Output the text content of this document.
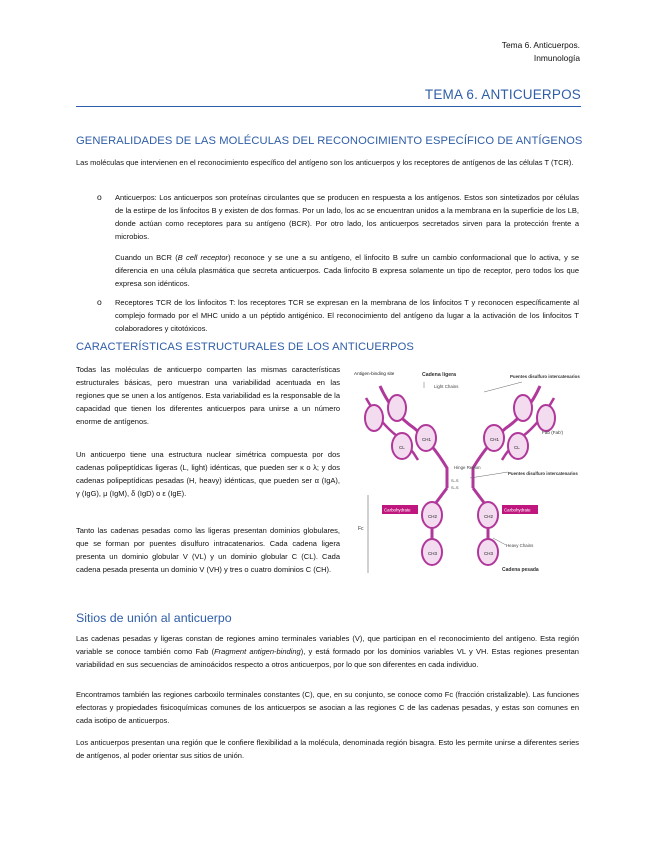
Tema 6. Anticuerpos.
Inmunología
TEMA 6. ANTICUERPOS
GENERALIDADES DE LAS MOLÉCULAS DEL RECONOCIMIENTO ESPECÍFICO DE ANTÍGENOS

Las moléculas que intervienen en el reconocimiento específico del antígeno son los anticuerpos y los receptores de antígenos de las células T (TCR).

o Anticuerpos: Los anticuerpos son proteínas circulantes que se producen en respuesta a los antígenos. Estos son sintetizados por células de la estirpe de los linfocitos B y existen de dos formas. Por un lado, los ac se encuentran unidos a la membrana en la superficie de los LB, donde actúan como receptores para su antígeno (BCR). Por otro lado, los anticuerpos secretados sirven para la protección frente a microbios.

Cuando un BCR (B cell receptor) reconoce y se une a su antígeno, el linfocito B sufre un cambio conformacional que lo activa, y se diferencia en una célula plasmática que secreta anticuerpos. Cada linfocito B expresa solamente un tipo de receptor, pero todos los que expresa son idénticos.

o Receptores TCR de los linfocitos T: los receptores TCR se expresan en la membrana de los linfocitos T y reconocen específicamente al complejo formado por el MHC unido a un péptido antigénico. El reconocimiento del antígeno da lugar a la activación de los linfocitos T colaboradores y citotóxicos.

CARACTERÍSTICAS ESTRUCTURALES DE LOS ANTICUERPOS

Todas las moléculas de anticuerpo comparten las mismas características estructurales básicas, pero muestran una variabilidad acentuada en las regiones que se unen a los antígenos. Esta variabilidad es la responsable de la capacidad que tienen los diferentes anticuerpos para unirse a un número enorme de antígenos.

Un anticuerpo tiene una estructura nuclear simétrica compuesta por dos cadenas polipeptídicas ligeras (L, light) idénticas, que pueden ser κ o λ; y dos cadenas polipeptídicas pesadas (H, heavy) idénticas, que pueden ser α (IgA), γ (IgG), μ (IgM), δ (IgD) o ε (IgE).

Tanto las cadenas pesadas como las ligeras presentan dominios globulares, que se forman por puentes disulfuro intracatenarios. Cada cadena ligera presenta un dominio globular V (VL) y un dominio globular C (CL). Cada cadena pesada presenta un dominio V (VH) y tres o cuatro dominios C (CH).

CH1	CH1
CL	CL
CH2	CH2
CH3	CH3
S–S
S–S
Carbohydrate	Carbohydrate
Antigen-binding site	Cadena ligera
Light Chains
Puentes disulfuro intercatenarios
Fab (Fab')
Hinge Region
Puentes disulfuro intercatenarios
Fc
Heavy Chains
Cadena pesada
Sitios de unión al anticuerpo

Las cadenas pesadas y ligeras constan de regiones amino terminales variables (V), que participan en el reconocimiento del antígeno. Esta región variable se conoce también como Fab (Fragment antigen-binding), y está formado por los dominios variables VL y VH. Estas regiones presentan variabilidad en sus secuencias de aminoácidos respecto a otros anticuerpos, por lo que son diferentes en cada individuo.

Encontramos también las regiones carboxilo terminales constantes (C), que, en su conjunto, se conoce como Fc (fracción cristalizable). Las funciones efectoras y propiedades fisicoquímicas comunes de los anticuerpos se asocian a las regiones C de las cadenas pesadas, y estas son comunes en cada isotipo de anticuerpos.

Los anticuerpos presentan una región que le confiere flexibilidad a la molécula, denominada región bisagra. Esto les permite unirse a diferentes series de antígenos, al poder orientar sus sitios de unión.
